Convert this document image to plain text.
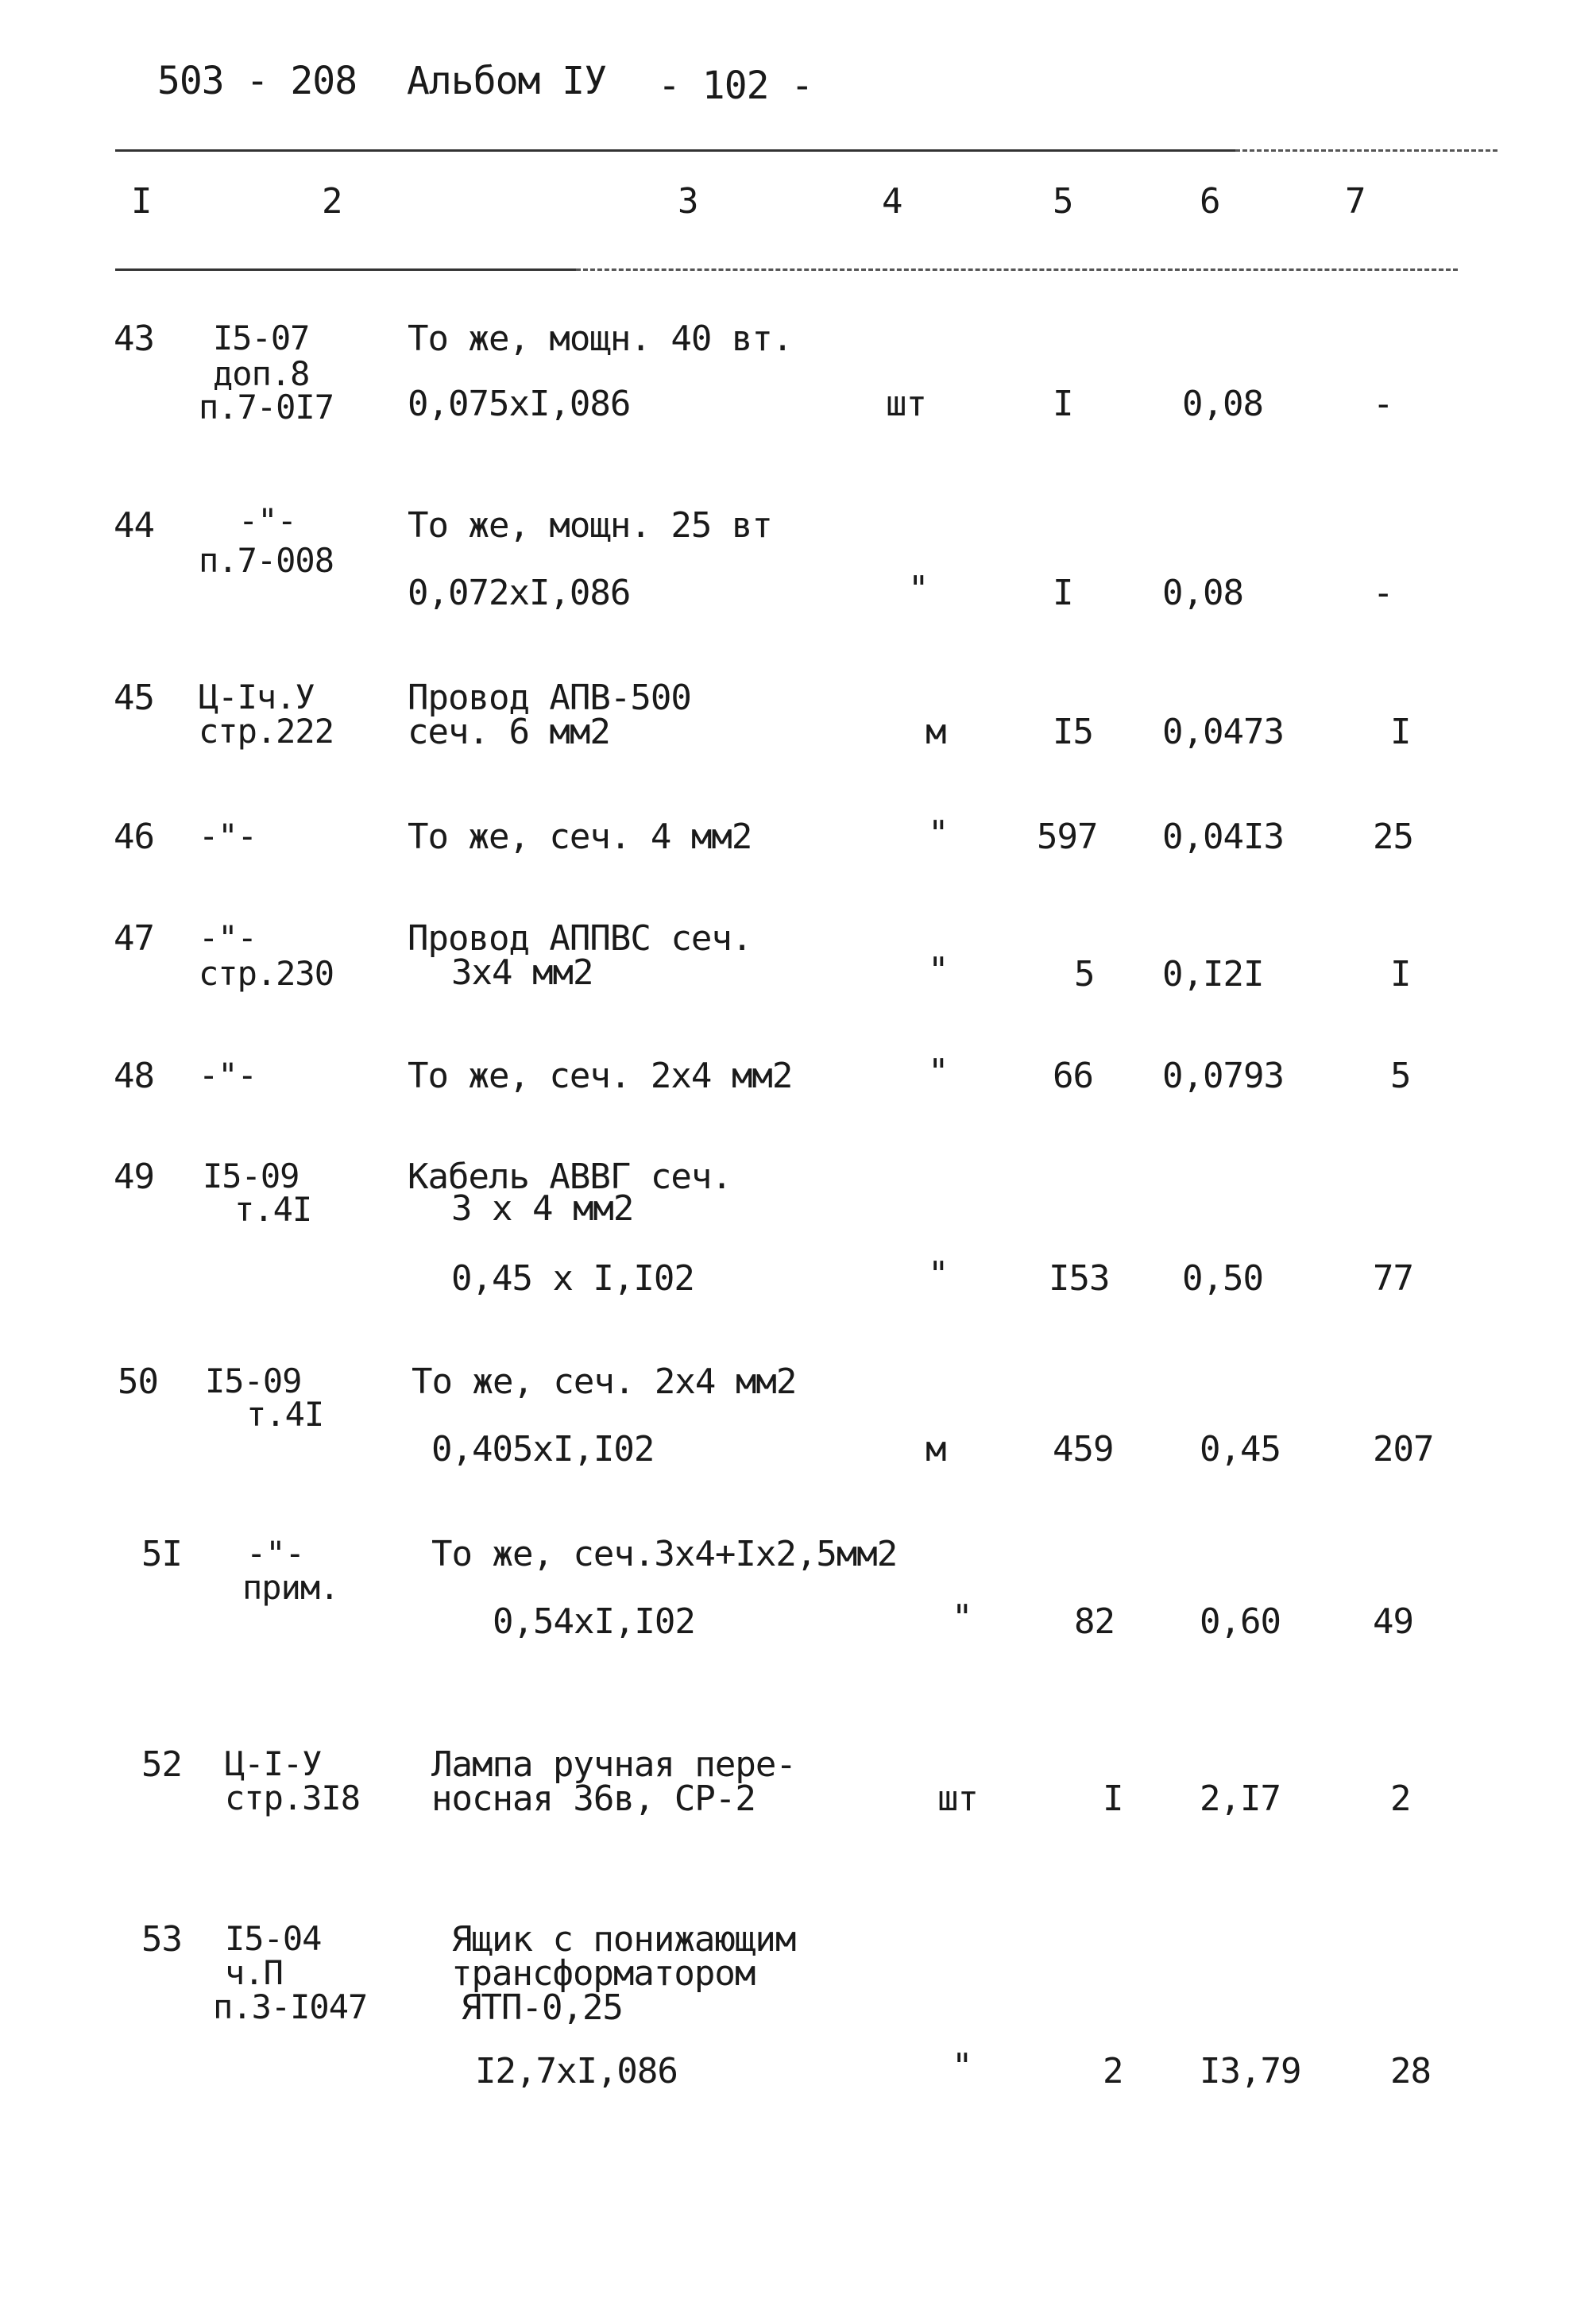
503 - 208 Альбом IУ - 102 -
I	2	3	4	5	6	7
43 I5-07
доп.8
п.7-0I7
То же, мощн. 40 вт.
0,075хI,086	шт	I	0,08	-
44	-"-
п.7-008
То же, мощн. 25 вт
0,072хI,086	"	I	0,08	-
45 Ц-Iч.У
стр.222
Провод АПВ-500
сеч. 6 мм2	м	I5 0,0473	I
46 -"-	То же, сеч. 4 мм2	"	597 0,04I3	25
47 -"-
стр.230
Провод АППВС сеч.
3х4 мм2	"	5 0,I2I	I
48 -"-	То же, сеч. 2х4 мм2	"	66 0,0793	5
49 I5-09
т.4I
Кабель АВВГ сеч.
3 х 4 мм2
0,45 х I,I02	"	I53 0,50	77
50 I5-09
т.4I
То же, сеч. 2х4 мм2
0,405хI,I02	м	459 0,45	207
5I -"-
прим.
То же, сеч.3х4+Iх2,5мм2
0,54хI,I02	"	82 0,60	49
52 Ц-I-У
стр.3I8
Лампа ручная пере-
носная 36в, СР-2	шт	I 2,I7	2
53 I5-04
ч.П
п.3-I047
Ящик с понижающим
трансформатором
ЯТП-0,25
I2,7хI,086	"	2 I3,79	28
